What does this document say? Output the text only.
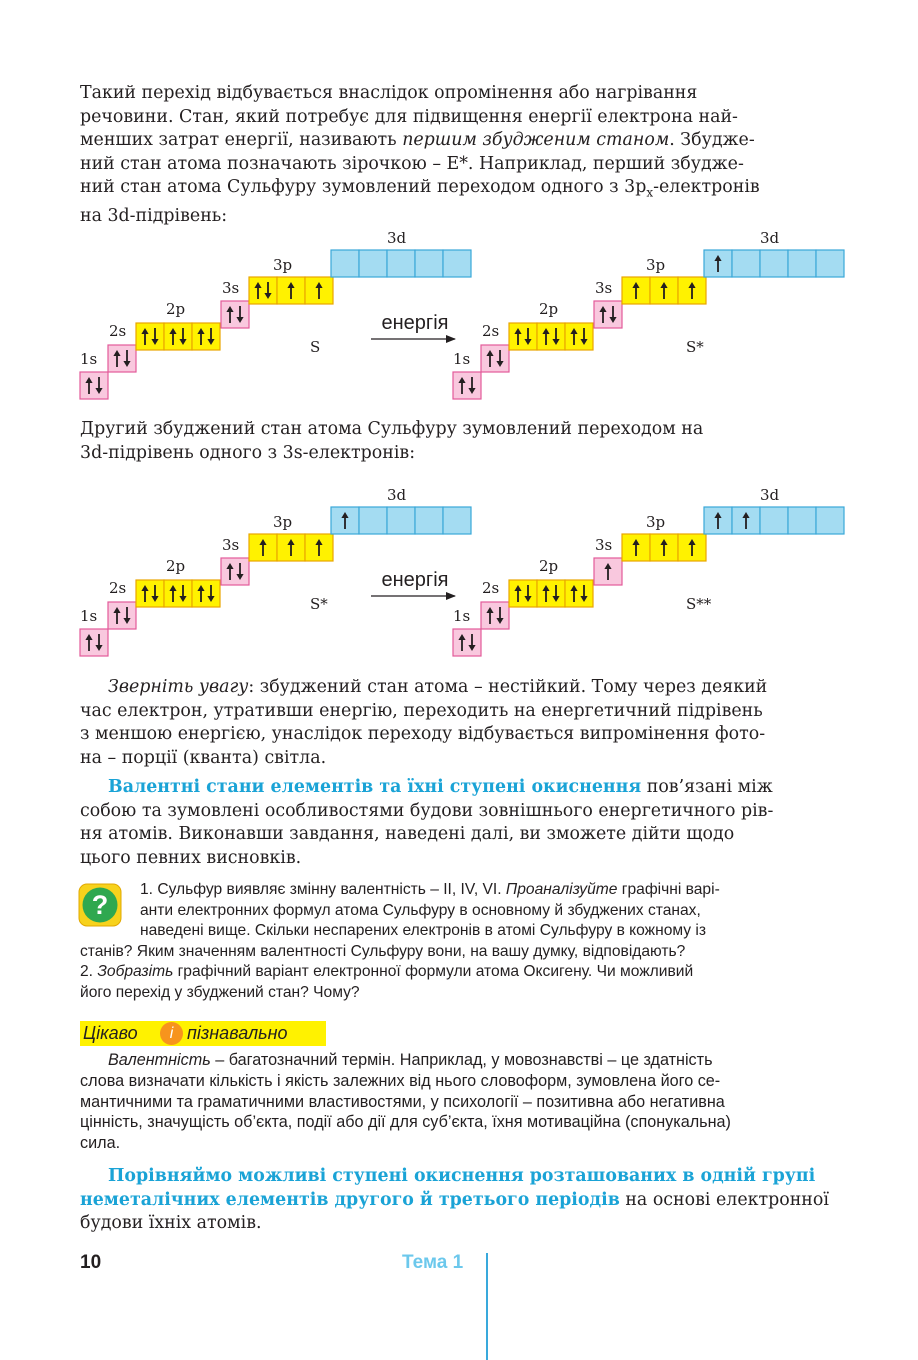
Такий перехід відбувається внаслідок опромінення або нагрівання
речовини. Стан, який потребує для підвищення енергії електрона най-
менших затрат енергії, називають першим збудженим станом. Збудже-
ний стан атома позначають зірочкою – E*. Наприклад, перший збудже-
ний стан атома Сульфуру зумовлений переходом одного з $3p_x$-електронів
на 3d-підрівень:
1s
2s
2p
3s
3p
3d
S
1s
2s
2p
3s
3p
3d
S*
енергія
Другий збуджений стан атома Сульфуру зумовлений переходом на
3d-підрівень одного з 3s-електронів:
1s
2s
2p
3s
3p
3d
S*
1s
2s
2p
3s
3p
3d
S**
енергія
Зверніть увагу: збуджений стан атома – нестійкий. Тому через деякий
час електрон, утративши енергію, переходить на енергетичний підрівень
з меншою енергією, унаслідок переходу відбувається випромінення фото-
на – порції (кванта) світла.
Валентні стани елементів та їхні ступені окиснення пов’язані між
собою та зумовлені особливостями будови зовнішнього енергетичного рів-
ня атомів. Виконавши завдання, наведені далі, ви зможете дійти щодо
цього певних висновків.
?
1. Сульфур виявляє змінну валентність – II, IV, VI. Проаналізуйте графічні варі-
анти електронних формул атома Сульфуру в основному й збуджених станах,
наведені вище. Скільки неспарених електронів в атомі Сульфуру в кожному із
станів? Яким значенням валентності Сульфуру вони, на вашу думку, відповідають?
2. Зобразіть графічний варіант електронної формули атома Оксигену. Чи можливий
його перехід у збуджений стан? Чому?
Цікаво	і пізнавально
Валентність – багатозначний термін. Наприклад, у мовознавстві – це здатність
слова визначати кількість і якість залежних від нього словоформ, зумовлена його се-
мантичними та граматичними властивостями, у психології – позитивна або негативна
цінність, значущість об’єкта, події або дії для суб’єкта, їхня мотиваційна (спонукальна)
сила.
Порівняймо можливі ступені окиснення розташованих в одній групі
неметалічних елементів другого й третього періодів на основі електронної
будови їхніх атомів.
10	Тема 1
